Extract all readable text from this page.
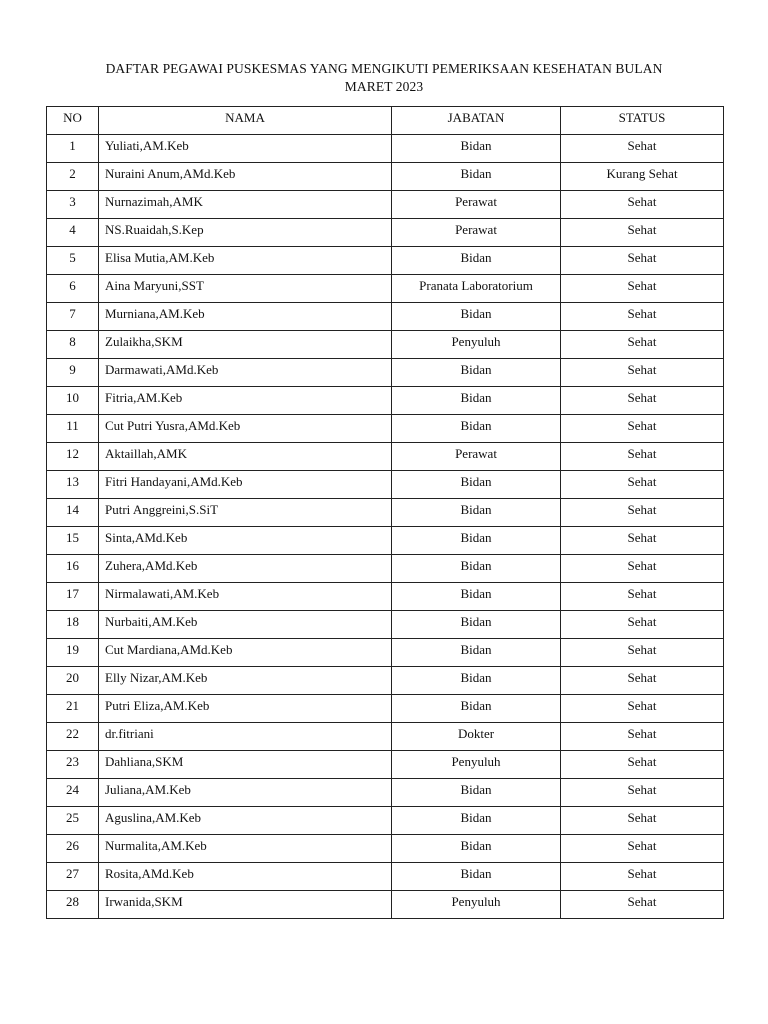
DAFTAR PEGAWAI PUSKESMAS YANG MENGIKUTI PEMERIKSAAN KESEHATAN BULAN
MARET 2023
NO	NAMA	JABATAN	STATUS
1	Yuliati,AM.Keb	Bidan	Sehat
2	Nuraini Anum,AMd.Keb	Bidan	Kurang Sehat
3	Nurnazimah,AMK	Perawat	Sehat
4	NS.Ruaidah,S.Kep	Perawat	Sehat
5	Elisa Mutia,AM.Keb	Bidan	Sehat
6	Aina Maryuni,SST	Pranata Laboratorium	Sehat
7	Murniana,AM.Keb	Bidan	Sehat
8	Zulaikha,SKM	Penyuluh	Sehat
9	Darmawati,AMd.Keb	Bidan	Sehat
10	Fitria,AM.Keb	Bidan	Sehat
11	Cut Putri Yusra,AMd.Keb	Bidan	Sehat
12	Aktaillah,AMK	Perawat	Sehat
13	Fitri Handayani,AMd.Keb	Bidan	Sehat
14	Putri Anggreini,S.SiT	Bidan	Sehat
15	Sinta,AMd.Keb	Bidan	Sehat
16	Zuhera,AMd.Keb	Bidan	Sehat
17	Nirmalawati,AM.Keb	Bidan	Sehat
18	Nurbaiti,AM.Keb	Bidan	Sehat
19	Cut Mardiana,AMd.Keb	Bidan	Sehat
20	Elly Nizar,AM.Keb	Bidan	Sehat
21	Putri Eliza,AM.Keb	Bidan	Sehat
22	dr.fitriani	Dokter	Sehat
23	Dahliana,SKM	Penyuluh	Sehat
24	Juliana,AM.Keb	Bidan	Sehat
25	Aguslina,AM.Keb	Bidan	Sehat
26	Nurmalita,AM.Keb	Bidan	Sehat
27	Rosita,AMd.Keb	Bidan	Sehat
28	Irwanida,SKM	Penyuluh	Sehat
